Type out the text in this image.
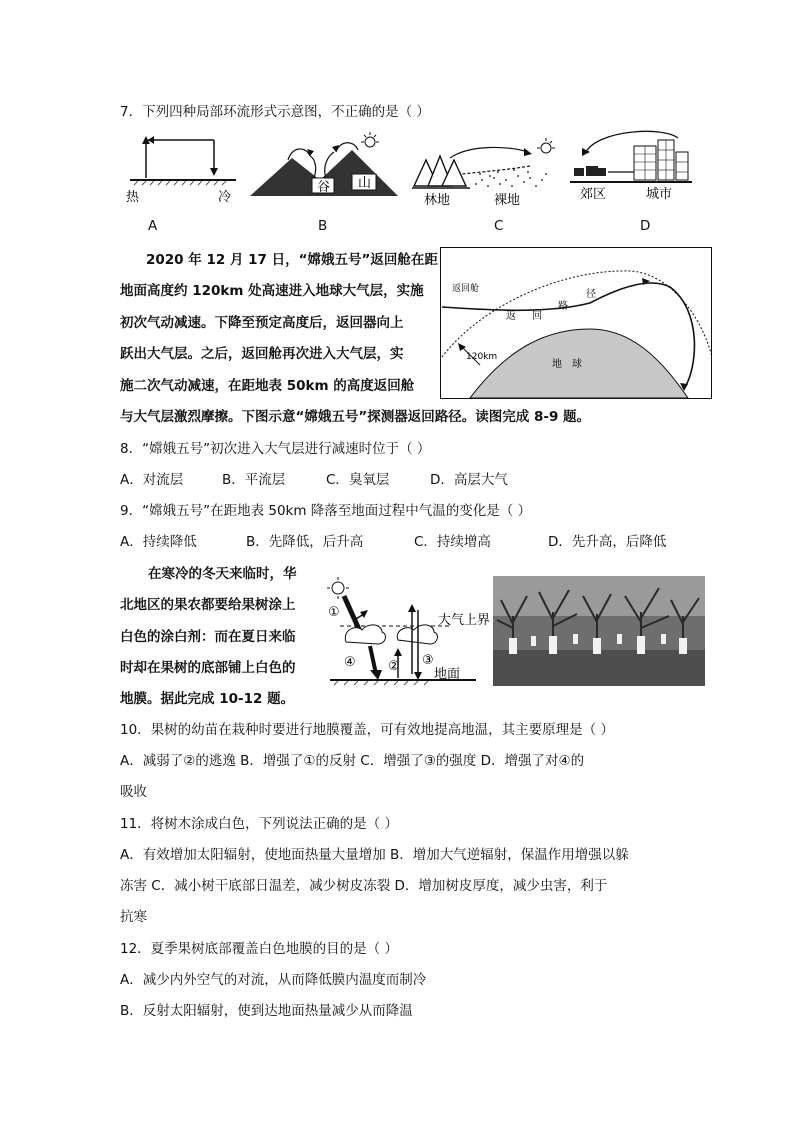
7．下列四种局部环流形式示意图，不正确的是（ ）
热	冷
谷 山
林地	裸地	郊区	城市
A	B	C	D
2020 年 12 月 17 日，“嫦娥五号”返回舱在距
地面高度约 120km 处高速进入地球大气层，实施
初次气动减速。下降至预定高度后，返回器向上
跃出大气层。之后，返回舱再次进入大气层，实
施二次气动减速，在距地表 50km 的高度返回舱
与大气层激烈摩擦。下图示意“嫦娥五号”探测器返回路径。读图完成 8-9 题。
返回舱
120km
返 回
路
径
地 球
8．“嫦娥五号”初次进入大气层进行减速时位于（ ）
A．对流层	B．平流层	C．臭氧层	D．高层大气
9．“嫦娥五号”在距地表 50km 降落至地面过程中气温的变化是（ ）
A．持续降低	B．先降低，后升高	C．持续增高	D．先升高，后降低
在寒冷的冬天来临时，华
北地区的果农都要给果树涂上
白色的涂白剂：而在夏日来临
时却在果树的底部铺上白色的
地膜。据此完成 10-12 题。
①
④ ② ③
大气上界
地面
10．果树的幼苗在栽种时要进行地膜覆盖，可有效地提高地温，其主要原理是（ ）
A．减弱了②的逃逸 B．增强了①的反射 C．增强了③的强度 D．增强了对④的
吸收
11．将树木涂成白色，下列说法正确的是（ ）
A．有效增加太阳辐射，使地面热量大量增加 B．增加大气逆辐射，保温作用增强以躲
冻害 C．减小树干底部日温差，减少树皮冻裂 D．增加树皮厚度，减少虫害，利于
抗寒
12．夏季果树底部覆盖白色地膜的目的是（ ）
A．减少内外空气的对流，从而降低膜内温度而制冷
B．反射太阳辐射，使到达地面热量减少从而降温
